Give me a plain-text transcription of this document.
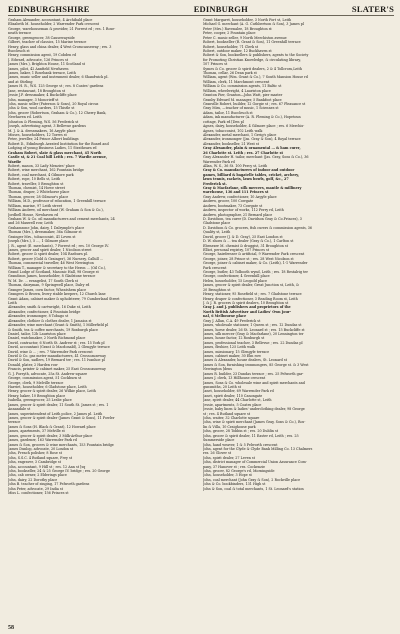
EDINBURGHSHIRE	EDINBURGH	SLATER'S

Graham Alexander, accountant, 4 Archibald place

Elizabeth M. householder, 2 Warrender Park crescent

George, warehouseman & provider, 21 Forrest rd ; res. 1 Rose-

neath terrace

George, greengrocer, 38 Causewayside

Gilbert, teacher of classics, 15 Marine terrace

Henry, glass and china dealer, 4 West Crosscauseway ; res. 3

Buccleuch st

Henry, commission agent, 19 Cobden rd

J. Edward, advocate, 126 Princes st

James (Mrs.), Brighton House, 11 Scotland st

James, pilot, 42 Annfield Newhaven

James, baker, 1 Rosebank terrace, Leith

James, music seller and instrument dealer, 6 Shandwick pl.

and at Stirling

James H. R., W.S. 125 George st ; res. 8 Coates' gardens

Jane, restaurant, 18 Broughton st

Jessie J.P. dressmaker, 4 Buckcliffe place

John, manager, 3 Moncrieff st

John, music seller (Paterson & Sons), 20 Royal circus

John & Son, wool carders, 15 Thistle st

John, grocer (Robertson, Graham & Co.), 12 Cherry Bank,

Newhaven rd. Leith

Johnston & Fleming, W.S. 56 Frederick st

Joseph, advertising agent, 3 Bellevue gardens

M. J. & A. dressmakers, 16 Argyle place

Misses, householders, 12 Torres st

Peter, jeweller, 24 Prince Albert buildings

Robert D., Edinburgh Aerated Institution for the Board and

Lodging of young Business Ladies, 11 Strathearn rd

Graham Robert, slate & glass merchant, 45 North

Castle st, & 21 Coal hill Leith ; res. 7 Wardie avenue,

Wardie

Robert, mason, 33 Lady Menzies' place

Robert, wine merchant, 162 Fountain bridge

Robert, coal merchant, 4 Gilmore park

Robert, rope, 10 Bells st, Leith

Robert, traveller, 5 Broughton st

Thomas, chemist, 14 Howe street

Thomas, draper, 2 Whitehorse place

Thomas, grocer, 28 Gilmour's place

William, M.D., professor of education, 1 Greenhill terrace

William, marine, 97 Leith street

William Andrew, oil merchant (W. Graham & Son & Co.),

Jordbell House, Newhaven rd

Graham W. & Co. oil manufacturers and cement merchants, 24

and 26 Maxwell row, Leith

Grahamsone John, dairy, 1 Dalrymple's place

Thomas (Mrs.), dressmaker, 36a Gilmour st

Grainger Mrs., tobacconist, 41 Leven st

Joseph (Mrs.), 5 ..., 1 Gilmore place

J. R., agent (E. merchants), 7 Forrest rd ; res. 10 George IV.

James, grocer and spirit dealer, 1 Nicolson street

Robert, grocer & spirit dealer, 104 Raeburn pl.

Robert, grocer (Gold & Grainger), 36 Nursery, Calhill ...

Thomas, commercial traveller, 46 West Newington

William T., manager & secretary to the Heron ... (Oil Co.),

Grand Lodge of Scotland, Masonic Hall, 98 George st

Grandison James, householder, 8 Gladstone terrace

W. M. Dr. ... evangelist, 17 South Clerk st

Thomas, dairyman, 9 Springwell place, Dalry rd

Granger James, corn factor, Wheatshem place

Grangers & Brown, livery stable keepers, 12 Church lane

Grant Adam, cabinet maker & upholsterer, 79 Cumberland Street

Leith

Alexander, smith & cartwright, 16 Duke st, Leith

Alexander, confectioner, 4 Fountain bridge

Alexander, ironmonger, 8 Tobago st

Alexander, clothier & clothes dealer, 1 Jamaica st

Alexander, wine merchant (Grant & Smith), 1 Millerfield pl

& Smith, tea & coffee merchants, 19 Roxburgh place

Daniel, tailor, 12b Lauriston place

Daniel, watchmaker, 2 North Richmond place

David, contractor, 6 North St. Andrew st ; res. 15 York pl

David, accountant (Grant & Macdonald), 2 Glengyle terrace

David, wine & ... ; res. 7 Warrender Park crescent

David & Co. gas meter manufacturers, 41 Crosscauseway

David & Son, sadlers, 19 Bernard ter ; res. 11 Ivanhoe pl

Donald, plater, 2 Harden row

Francis, printer & cabinet maker, 25 East Crosscauseway

G. J. Forsyth, advocate, 25a St. Andrew square

George, commission agent, 51 Cockburn st

George, clerk, 9 Melville terrace

Harriet, householder, 6 Gladstone place, Leith

Henry, grocer & spirit dealer, 26 Wilkie place, Leith

Henry, baker, 10 Broughton place

Isabella, greengrocer, 25 Leslie place

James, grocer & spirit dealer, 11 South St. James st ; res. 1

Annandale st

James, superintendent of Leith police, 2 James pl. Leith

James, grocer & spirit dealer (James Grant & Sons), 11 Fowler

terrace

James & Sons (H. Black & Grant), 12 Howard place

James, apartments, 37 Melville st

James, grocer & spirit dealer, 3 Milk-Arthur place

James, gardener, 163 Warrender Park rd

James & Son, grocers & wine merchants, 153 Fountain bridge

James Dunlop, advocate, 20 London st

John, French polisher, 8 Rose st

John, S.S.C. 4 Rutland square, Frey st

John, engraver, 3 Cambridge st

John, accountant, 9 Hill st ; res. 12 Ann st [sq

John, bookseller, 24 & 25 George IV. bridge ; res. 20 George

John, cab owner, 2 Elderings place

John, dairy, 22 Dorothy place

John B. teacher of singing, 17 Pelworth gardens

John Peter, advocate, 29 India st

Miss L. confectioner, 156 Princes st

Grant Margaret, householder, 3 North Fort st, Leith

Michael G. merchant (A. G. Cuthbertson & Son), 3 James pl

Peter (Mrs.) Ravenalee, 18 Broughton st

Peter, cooper, 2 Fountain place

Peter C. music seller, 9 North Merchiston avenue

Robert, bookseller (R. Grant & Son), 11 Greenhill terrace

Robert, householder, 71 Clerk st

Robert, outdoor maker, 12 Buckhaven st

Robert & Son, booksellers & publishers, agents to the Society

for Promoting Christian Knowledge, & circulating library,

107 Princes st

Symes & Co. grocer & spirit dealers, 2 & 4 Tollcross,Leith

Thomas, cellar, 26 Dean park st

William, agent (Wm. Grant & Co.), 7 South Mansion House rd

William, clerk, 11 Marchmont crescent

William & Co. commission agents, 11 Baltic st

William, wheelwright, 4 Lauriston place

Granton Pier, Granton—John Watt, pier master

Granby Edward M. manager, 5 Bankfoot place

Granville Robert, builder, 12 Gorgie st ; res. 67 Pleasance st

Gray Miss, —teacher of music, 1 Sciennes st

Adam, tailor, 11 Buccleuch st

Adam, ink manufacturer (A. R. Fleming & Co.), Hopetoun

cottage, Park rd [Den pl

Agnes, dairy, householder, 4 Gilmore place ; res. 6 Merchis-

Agnes, tobacconist, 102 Leith walk

Alexander, metal merchant, 1 Greig's place

Alexander, ironmonger (Jas. Gray & Son), 4 Royal terrace

Alexander, bookseller, 21 West st

Gray Alexander, plain & ornamental ... & ham curer,

26 Charlotte st. Leith ; res. 27 Charlotte st

Gray Alexander H. tailor, merchant (Jas. Gray, Sons & Co.), 36

Warrender Park rd

Allan, W. S., 36 St. 100 Percy st, Leith

Gray & Co. manufacturers of indoor and outdoor

games, billiard & bagatelle tables, cricket, archery,

lawn tennis, rackets, lawn bowls, golf, &c., 27

Frederick st.

Gray & Macfarlane, silk mercers, mantle & millinery

warehouse, 136 and 111 Princes st

Gray Andrew, confectioner, 10 Argyle place

Andrew, grocer, 100 Cowgate

Andrew, bootmaker, 73 Cowgate st

Andrew, inspector of works, 112 Ferry rd, Leith

Andrew, photographer, 21 Bernard place

D. Davidson, tea curer (D. Davidson Gray & Co.Princes), 3

Gladstone place

D. Davidson & Co. grocers, fish curers & commission agents, 36

Quality st, Leith

David, grocer (J. & D. Gray), 25 East London st

D. W. shoes & ... tea dealer (Gray & Co.), 1 Carlton st

Ebenezer M. chemist & druggist, 31 Broughton st

Elliot, personal registry, 107 Princes st

George, hairdresser & artificial, 9 Warrender Park crescent

George, joiner, 28 Prince st ; res. 28 West Nicolson st

George, joiner & cabinet maker, & Co. (Leith), 1-1 Warrender

Park crescent

George, butler, 43 Tolbooth wynd, Leith ; res. 18 Restalrig ter

George, confectioner, 4 Greenhill place

Helen, householder, 15 Leopold place

James, grocer & spirit dealer, Great Junction st, Leith, &

20 Broughton st

Henry, stationer, 95 Rosefield st ; res. 7 Gladstone terrace

Henry, draper & confectioner, 3 Reading Room st, Leith

J. & J. R. grocers & spirit dealers, 10 Broughton st

Gray J. and J. publishers and proprietors of the

North British Advertiser and Ladies' Own Jour-

nal, 6 Melbourne place

Gray J. Allan, C.A. 49 Frederick st

James, wholesale stationer, 1 Queen st ; res. 12 Dundas st

James, horse dealer, 26 St. Leonard st ; res. 15 Buckcliffe st

James, silk mercer (Gray & Macfarlane), 20 Lennington ter

James, house factor, 12 Roxburgh st

James, professional teacher, 3 Bellevue ; res. 22 Dundas pl

James, fleshier, 125 Leith walk

James, missionary, 15 Glengyle terrace

James, cabinet maker, 30 Elm row

James & Alexander, house dealers, St. Leonard st

James & Son, furnishing ironmongers, 85 George st. & 3 West

Newington [dens

James R. builder, 23 Dundas terrace ; res. 25 Pelworth gar-

James J. clerk, 13 Hillhouse crescent

James, Sons & Co. wholesale wine and spirit merchants and

gunsmiths, 20 Leith st

Janet, householder, 69 Warrender Park rd

Janet, spirit dealer, 110 Canongate

Jane, spirit dealer, 44 Charlotte st, Leith

Jessie, apartments, 5 Coates place

Jessie, baby linen & ladies' underclothing dealer, 98 George

st ; res. 4 Rutland square st

John, waiter, 32 Charlotte square

John, wine & spirit merchant (James Gray, Sons & Co.), Ros-

lin & Villa, 10 Craighouse park

John, grocer, 28 Tobbin st ; res. 20 Dublin st

John, grocer & spirit dealer, 11 Easter rd, Leith ; res. 25

Summerside place

John, hand weaver, 1 & 5 Pelworth crescent

John, agent for the Clyde & Clyde Bank Milling Co. 13 Chalmers

res. 26 Glover st

John, spirit dealer, 27 Leven st

John, district manager of Commercial Union Assurance Com-

pany, 37 Hanover st ; res. Cockenzie

John, grocer, 82 George's rd, Morningside

John, householder, 3 Hope st

John, coal merchant (John Gray & Son), 2 Rockville place

John & Co. bookbinders, 131 High st

John & Son, coal & total merchants, 1 St. Leonard's station

58
